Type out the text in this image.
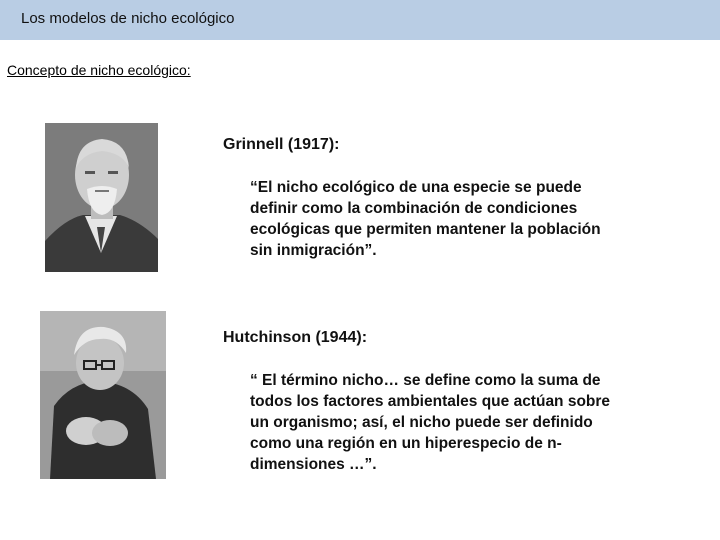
Los modelos de nicho ecológico
Concepto de nicho ecológico:
Grinnell (1917):

“El nicho ecológico de una especie se puede
definir como la combinación de condiciones
ecológicas que permiten mantener la población
sin inmigración”.

Hutchinson (1944):

“ El término nicho… se define como la suma de
todos los factores ambientales que actúan sobre
un organismo; así, el nicho puede ser definido
como una región en un hiperespecio de n-
dimensiones …”.
